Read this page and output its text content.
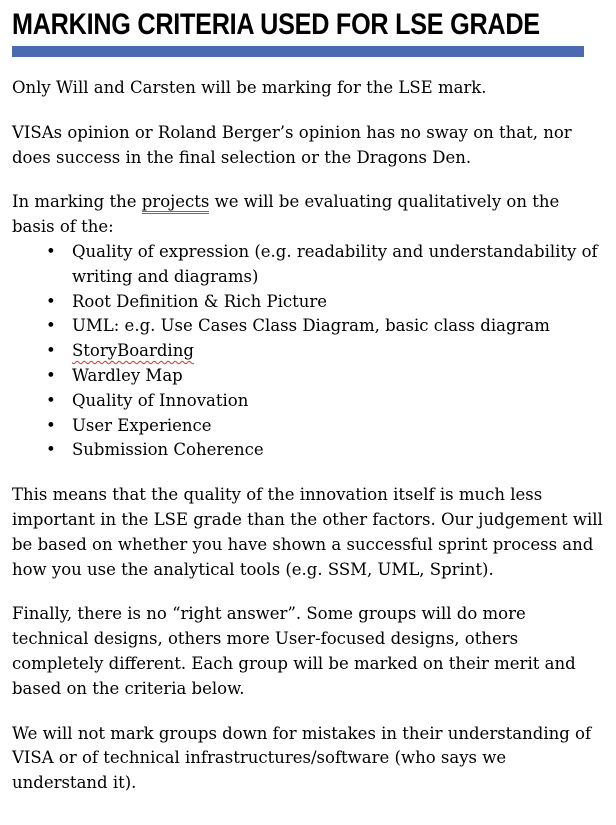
MARKING CRITERIA USED FOR LSE GRADE

Only Will and Carsten will be marking for the LSE mark.

VISAs opinion or Roland Berger’s opinion has no sway on that, nor does success in the final selection or the Dragons Den.

In marking the projects we will be evaluating qualitatively on the basis of the:

• Quality of expression (e.g. readability and understandability of writing and diagrams)
• Root Definition & Rich Picture
• UML: e.g. Use Cases Class Diagram, basic class diagram
• StoryBoarding
• Wardley Map
• Quality of Innovation
• User Experience
• Submission Coherence

This means that the quality of the innovation itself is much less important in the LSE grade than the other factors. Our judgement will be based on whether you have shown a successful sprint process and how you use the analytical tools (e.g. SSM, UML, Sprint).

Finally, there is no “right answer”. Some groups will do more technical designs, others more User-focused designs, others completely different. Each group will be marked on their merit and based on the criteria below.

We will not mark groups down for mistakes in their understanding of VISA or of technical infrastructures/software (who says we understand it).
